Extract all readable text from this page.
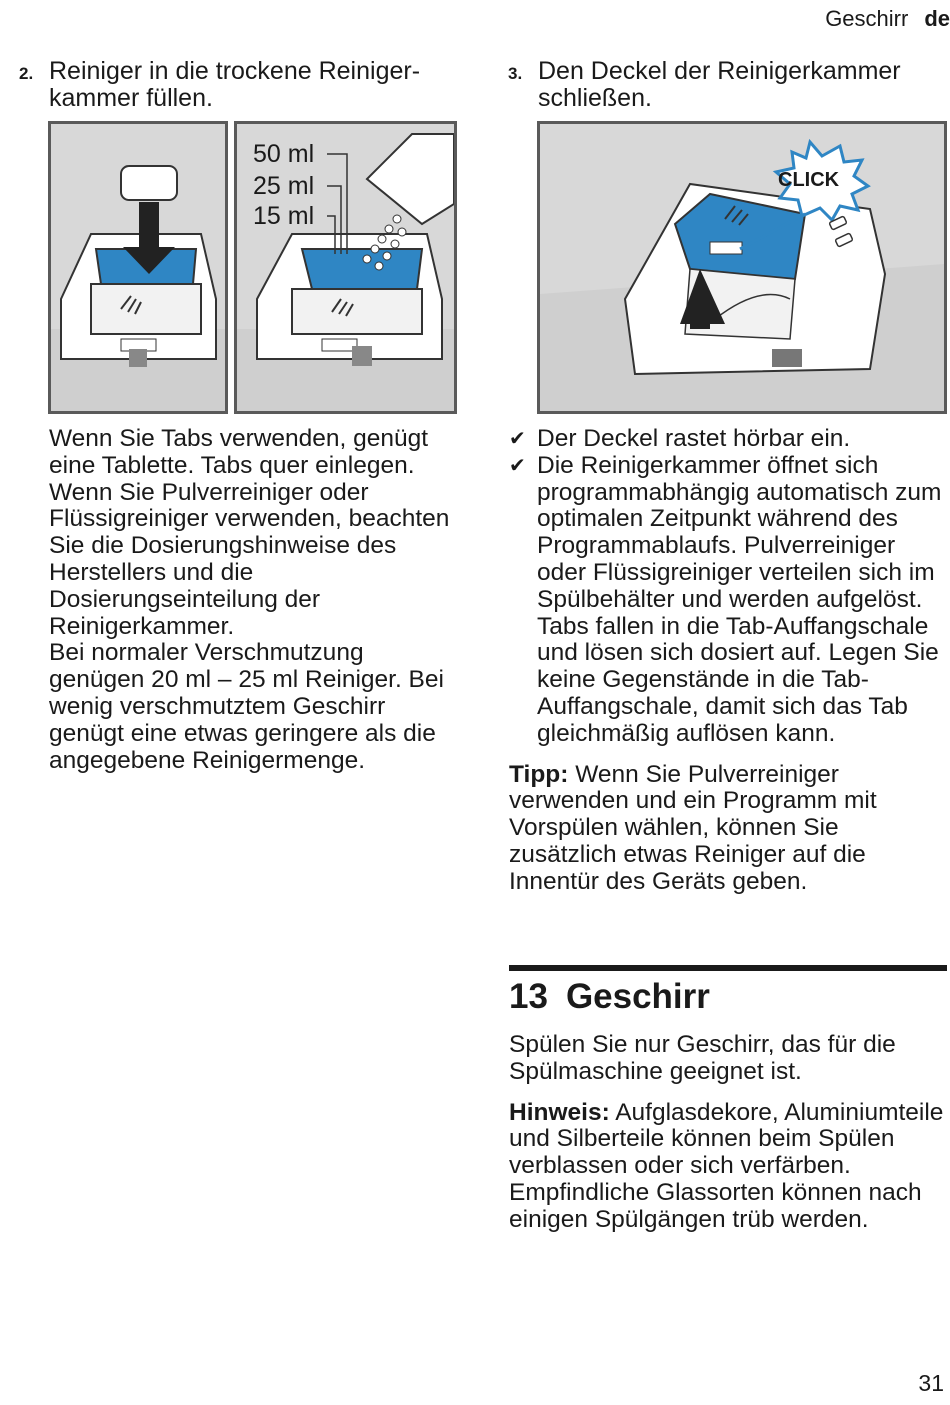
Geschirr de
2. Reiniger in die trockene Reiniger-kammer füllen.
3. Den Deckel der Reinigerkammer schließen.
50 ml
25 ml
15 ml
CLICK

Wenn Sie Tabs verwenden, genügt eine Tablette. Tabs quer einlegen.

Wenn Sie Pulverreiniger oder Flüssigreiniger verwenden, beachten Sie die Dosierungshinweise des Herstellers und die Dosierungseinteilung der Reinigerkammer.

Bei normaler Verschmutzung genügen 20 ml – 25 ml Reiniger. Bei wenig verschmutztem Geschirr genügt eine etwas geringere als die angegebene Reinigermenge.

✔ Der Deckel rastet hörbar ein.
✔ Die Reinigerkammer öffnet sich programmabhängig automatisch zum optimalen Zeitpunkt während des Programmablaufs. Pulverreiniger oder Flüssigreiniger verteilen sich im Spülbehälter und werden aufgelöst. Tabs fallen in die Tab-Auffangschale und lösen sich dosiert auf. Legen Sie keine Gegenstände in die Tab-Auffangschale, damit sich das Tab gleichmäßig auflösen kann.

Tipp: Wenn Sie Pulverreiniger verwenden und ein Programm mit Vorspülen wählen, können Sie zusätzlich etwas Reiniger auf die Innentür des Geräts geben.

13 Geschirr

Spülen Sie nur Geschirr, das für die Spülmaschine geeignet ist.

Hinweis: Aufglasdekore, Aluminiumteile und Silberteile können beim Spülen verblassen oder sich verfärben. Empfindliche Glassorten können nach einigen Spülgängen trüb werden.

31
